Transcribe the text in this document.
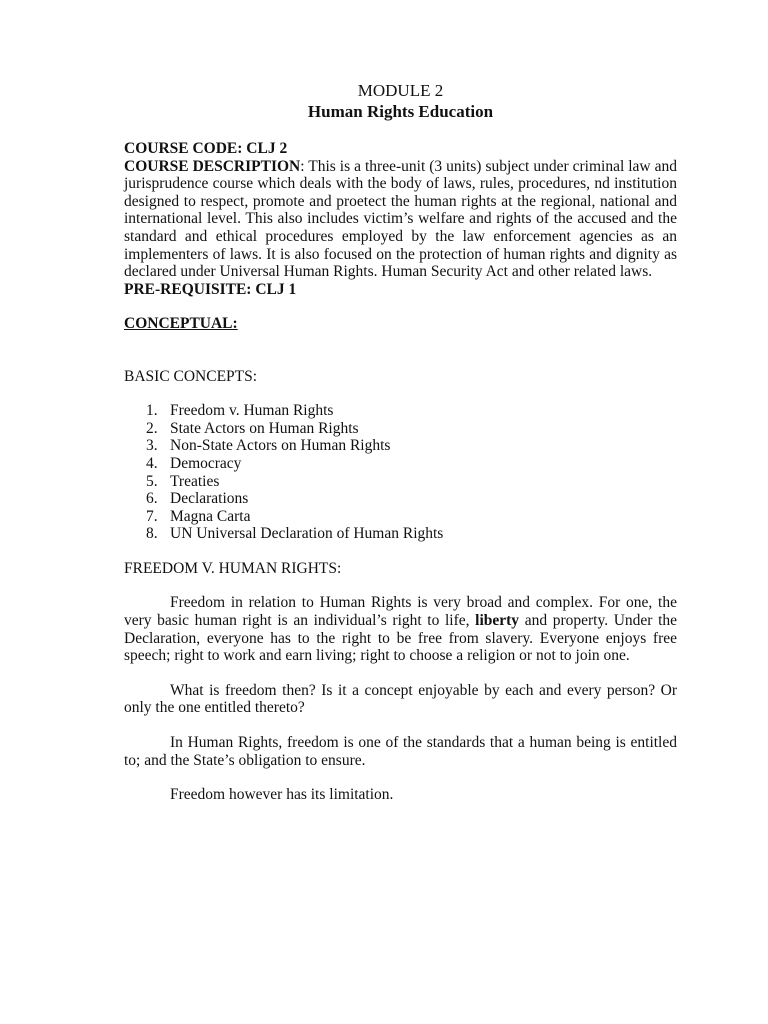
MODULE 2

Human Rights Education

COURSE CODE: CLJ 2

COURSE DESCRIPTION: This is a three-unit (3 units) subject under criminal law and jurisprudence course which deals with the body of laws, rules, procedures, nd institution designed to respect, promote and proetect the human rights at the regional, national and international level. This also includes victim’s welfare and rights of the accused and the standard and ethical procedures employed by the law enforcement agencies as an implementers of laws. It is also focused on the protection of human rights and dignity as declared under Universal Human Rights. Human Security Act and other related laws.

PRE-REQUISITE: CLJ 1

CONCEPTUAL:

BASIC CONCEPTS:

1. Freedom v. Human Rights
2. State Actors on Human Rights
3. Non-State Actors on Human Rights
4. Democracy
5. Treaties
6. Declarations
7. Magna Carta
8. UN Universal Declaration of Human Rights

FREEDOM V. HUMAN RIGHTS:

Freedom in relation to Human Rights is very broad and complex. For one, the very basic human right is an individual’s right to life, liberty and property. Under the Declaration, everyone has to the right to be free from slavery. Everyone enjoys free speech; right to work and earn living; right to choose a religion or not to join one.

What is freedom then? Is it a concept enjoyable by each and every person? Or only the one entitled thereto?

In Human Rights, freedom is one of the standards that a human being is entitled to; and the State’s obligation to ensure.

Freedom however has its limitation.
